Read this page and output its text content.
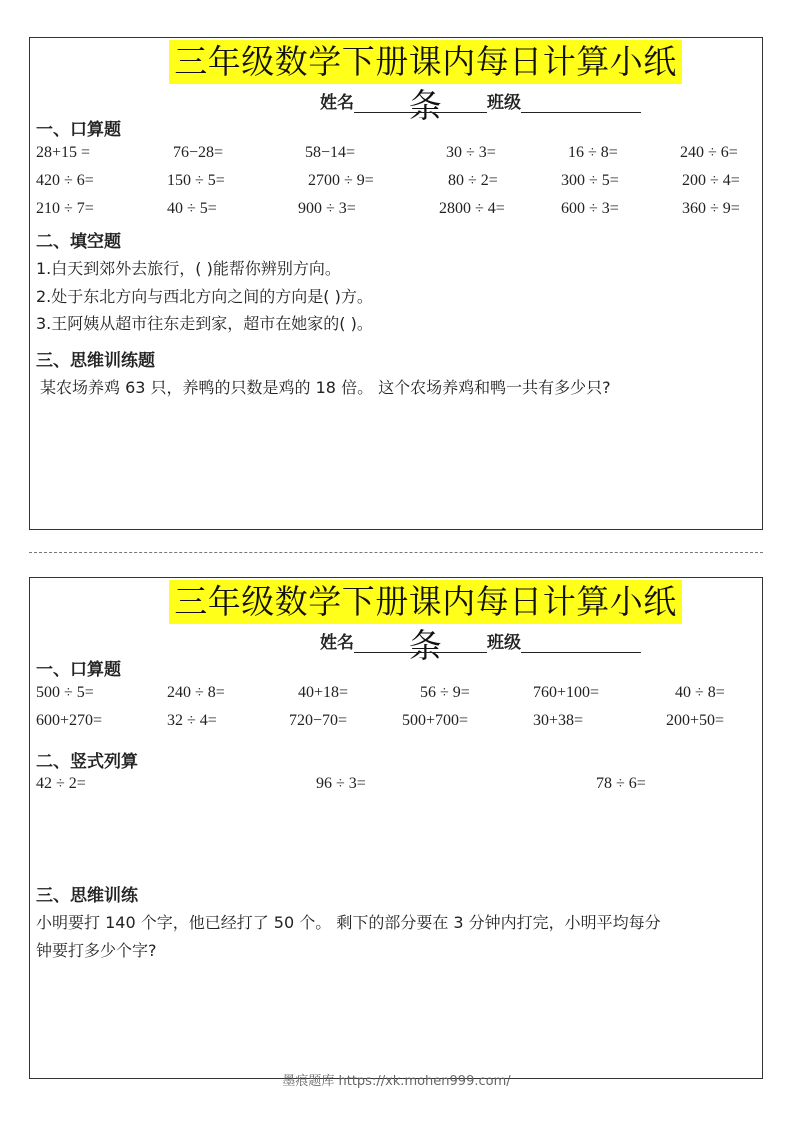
三年级数学下册课内每日计算小纸条
姓名	班级
一、口算题
28+15 =	76−28=	58−14=	30 ÷ 3=	16 ÷ 8=	240 ÷ 6=
420 ÷ 6=	150 ÷ 5=	2700 ÷ 9=	80 ÷ 2=	300 ÷ 5=	200 ÷ 4=
210 ÷ 7=	40 ÷ 5=	900 ÷ 3=	2800 ÷ 4=	600 ÷ 3=	360 ÷ 9=
二、填空题
1.白天到郊外去旅行，( )能帮你辨别方向。
2.处于东北方向与西北方向之间的方向是( )方。
3.王阿姨从超市往东走到家，超市在她家的( )。
三、思维训练题
某农场养鸡 63 只，养鸭的只数是鸡的 18 倍。 这个农场养鸡和鸭一共有多少只?
三年级数学下册课内每日计算小纸条
姓名	班级
一、口算题
500 ÷ 5=	240 ÷ 8=	40+18=	56 ÷ 9=	760+100=	40 ÷ 8=
600+270=	32 ÷ 4=	720−70=	500+700=	30+38=	200+50=
二、竖式列算
42 ÷ 2=	96 ÷ 3=	78 ÷ 6=
三、思维训练
小明要打 140 个字，他已经打了 50 个。 剩下的部分要在 3 分钟内打完，小明平均每分
钟要打多少个字?
墨痕题库 https://xk.mohen999.com/
